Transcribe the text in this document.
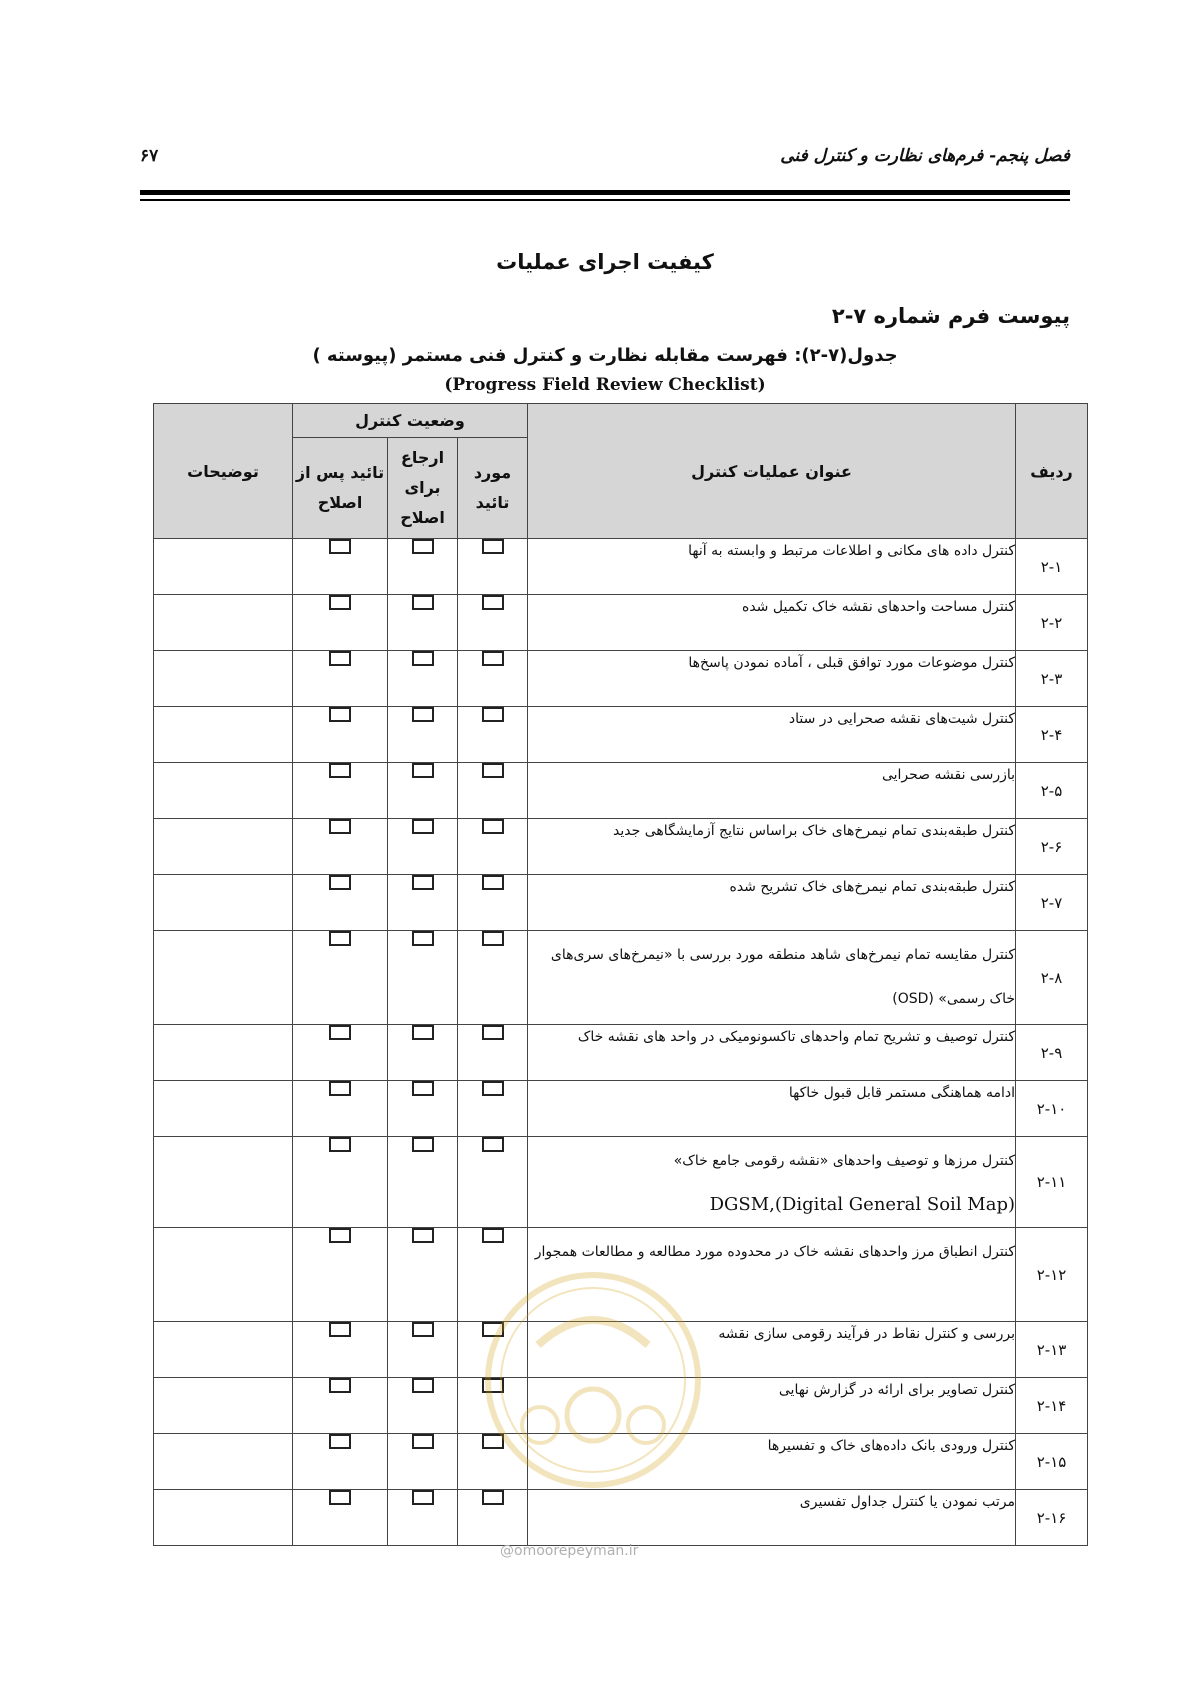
فصل پنجم- فرم‌های نظارت و کنترل فنی
۶۷
کیفیت اجرای عملیات
پیوست فرم شماره ۷-۲
جدول(۷-۲): فهرست مقابله نظارت و کنترل فنی مستمر (پیوسته )
(Progress Field Review Checklist)
ردیف	عنوان عملیات کنترل	وضعیت کنترل			توضیحات
		مورد تائید	ارجاع برای اصلاح	تائید پس از اصلاح	
۲-۱	کنترل داده های مکانی و اطلاعات مرتبط و وابسته به آنها				
۲-۲	کنترل مساحت واحدهای نقشه خاک تکمیل شده				
۲-۳	کنترل موضوعات مورد توافق قبلی ، آماده نمودن پاسخ‌ها				
۲-۴	کنترل شیت‌های نقشه صحرایی در ستاد				
۲-۵	بازرسی نقشه صحرایی				
۲-۶	کنترل طبقه‌بندی تمام نیمرخ‌های خاک براساس نتایج آزمایشگاهی جدید				
۲-۷	کنترل طبقه‌بندی تمام نیمرخ‌های خاک تشریح شده				
۲-۸	کنترل مقایسه تمام نیمرخ‌های شاهد منطقه مورد بررسی با «نیمرخ‌های سری‌های خاک رسمی» (OSD)				
۲-۹	کنترل توصیف و تشریح تمام واحدهای تاکسونومیکی در واحد های نقشه خاک				
۲-۱۰	ادامه هماهنگی مستمر قابل قبول خاکها				
۲-۱۱	کنترل مرزها و توصیف واحدهای «نقشه رقومی جامع خاک»
(Digital General Soil Map),DGSM				

۲-۱۲	کنترل انطباق مرز واحدهای نقشه خاک در محدوده مورد مطالعه و مطالعات همجوار				
۲-۱۳	بررسی و کنترل نقاط در فرآیند رقومی سازی نقشه				
۲-۱۴	کنترل تصاویر برای ارائه در گزارش نهایی				
۲-۱۵	کنترل ورودی بانک داده‌های خاک و تفسیرها				
۲-۱۶	مرتب نمودن یا کنترل جداول تفسیری				
@omoorepeyman.ir
